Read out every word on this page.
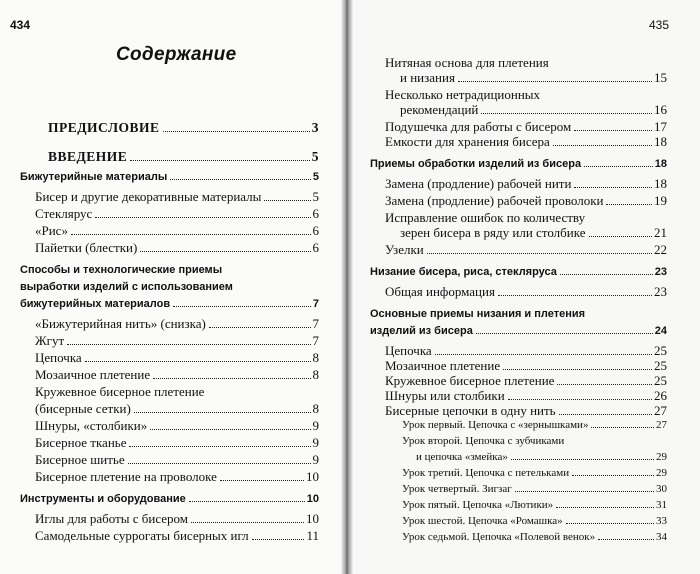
434	435
Содержание
ПРЕДИСЛОВИЕ	3
ВВЕДЕНИЕ	5
Бижутерийные материалы	5
Бисер и другие декоративные материалы	5
Стеклярус	6
«Рис»	6
Пайетки (блестки)	6
Способы и технологические приемы
выработки изделий с использованием
бижутерийных материалов	7
«Бижутерийная нить» (снизка)	7
Жгут	7
Цепочка	8
Мозаичное плетение	8
Кружевное бисерное плетение
(бисерные сетки)	8
Шнуры, «столбики»	9
Бисерное тканье	9
Бисерное шитье	9
Бисерное плетение на проволоке	10
Инструменты и оборудование	10
Иглы для работы с бисером	10
Самодельные суррогаты бисерных игл	11
Нитяная основа для плетения
и низания	15
Несколько нетрадиционных
рекомендаций	16
Подушечка для работы с бисером	17
Емкости для хранения бисера	18
Приемы обработки изделий из бисера	18
Замена (продление) рабочей нити	18
Замена (продление) рабочей проволоки	19
Исправление ошибок по количеству
зерен бисера в ряду или столбике	21
Узелки	22
Низание бисера, риса, стекляруса	23
Общая информация	23
Основные приемы низания и плетения
изделий из бисера	24
Цепочка	25
Мозаичное плетение	25
Кружевное бисерное плетение	25
Шнуры или столбики	26
Бисерные цепочки в одну нить	27
Урок первый. Цепочка с «зернышками»	27
Урок второй. Цепочка с зубчиками
и цепочка «змейка»	29
Урок третий. Цепочка с петельками	29
Урок четвертый. Зигзаг	30
Урок пятый. Цепочка «Лютики»	31
Урок шестой. Цепочка «Ромашка»	33
Урок седьмой. Цепочка «Полевой венок»	34
